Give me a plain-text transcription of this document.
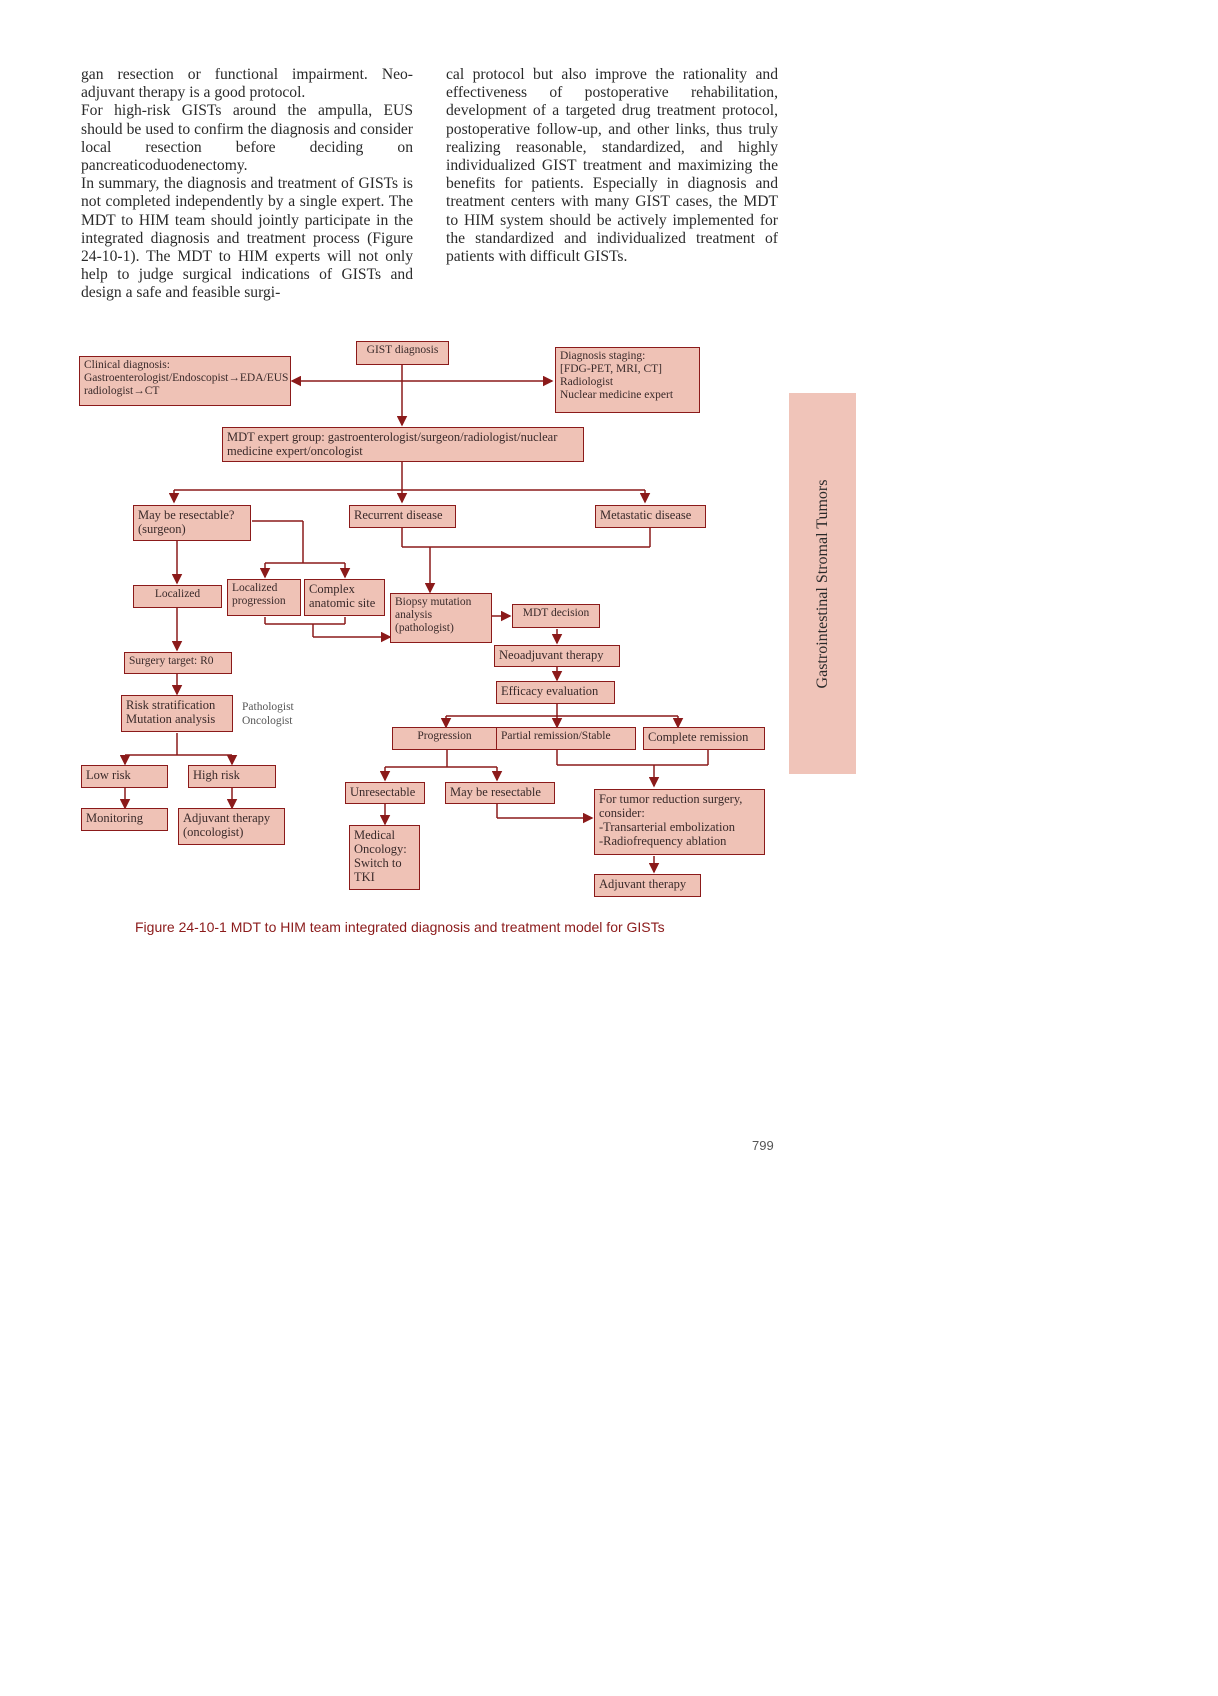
gan resection or functional impairment. Neo-adjuvant therapy is a good protocol.

For high-risk GISTs around the ampulla, EUS should be used to confirm the diagnosis and consider local resection before deciding on pancreaticoduodenectomy.

In summary, the diagnosis and treatment of GISTs is not completed independently by a single expert. The MDT to HIM team should jointly participate in the integrated diagnosis and treatment process (Figure 24-10-1). The MDT to HIM experts will not only help to judge surgical indications of GISTs and design a safe and feasible surgi-

cal protocol but also improve the rationality and effectiveness of postoperative rehabilitation, development of a targeted drug treatment protocol, postoperative follow-up, and other links, thus truly realizing reasonable, standardized, and highly individualized GIST treatment and maximizing the benefits for patients. Especially in diagnosis and treatment centers with many GIST cases, the MDT to HIM system should be actively implemented for the standardized and individualized treatment of patients with difficult GISTs.

GIST diagnosis
Clinical diagnosis: Gastroenterologist/Endoscopist→EDA/EUS radiologist→CT
Diagnosis staging:
[FDG-PET, MRI, CT]
Radiologist
Nuclear medicine expert
MDT expert group: gastroenterologist/surgeon/radiologist/nuclear medicine expert/oncologist
May be resectable?
(surgeon)
Recurrent disease	Metastatic disease
Localized	Localized
progression
Complex
anatomic site	Biopsy mutation
analysis
(pathologist)
MDT decision
Neoadjuvant therapy
Surgery target: R0
Efficacy evaluation
Risk stratification
Mutation analysis
Pathologist
Oncologist
Progression	Partial remission/Stable	Complete remission
Low risk	High risk
Unresectable	May be resectable	For tumor reduction surgery,
consider:
-Transarterial embolization
-Radiofrequency ablation
Monitoring	Adjuvant therapy
(oncologist)	Medical
Oncology:
Switch to
TKI	Adjuvant therapy
Figure 24-10-1 MDT to HIM team integrated diagnosis and treatment model for GISTs
Gastrointestinal Stromal Tumors
799
